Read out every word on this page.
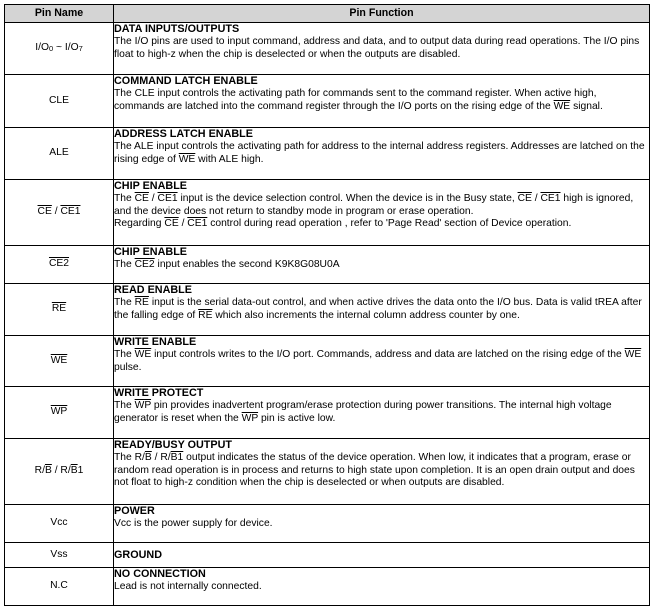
Pin Name	Pin Function
I/O0 ~ I/O7	DATA INPUTS/OUTPUTS
The I/O pins are used to input command, address and data, and to output data during read operations. The I/O pins float to high-z when the chip is deselected or when the outputs are disabled.

CLE	COMMAND LATCH ENABLE
The CLE input controls the activating path for commands sent to the command register. When active high, commands are latched into the command register through the I/O ports on the rising edge of the $\overline{WE}$ signal.

ALE	ADDRESS LATCH ENABLE
The ALE input controls the activating path for address to the internal address registers. Addresses are latched on the rising edge of $\overline{WE}$ with ALE high.

$\overline{CE} / CE1$	CHIP ENABLE
The $\overline{CE} / CE1$ input is the device selection control. When the device is in the Busy state, $\overline{CE} / CE1$ high is ignored, and the device does not return to standby mode in program or erase operation.
Regarding $\overline{CE} / CE1$ control during read operation , refer to 'Page Read' section of Device operation.

CE2	CHIP ENABLE
The CE2 input enables the second K9K8G08U0A

$\overline{RE}$	READ ENABLE
The $\overline{RE}$ input is the serial data-out control, and when active drives the data onto the I/O bus. Data is valid tREA after the falling edge of $\overline{RE}$ which also increments the internal column address counter by one.

$\overline{WE}$	WRITE ENABLE
The $\overline{WE}$ input controls writes to the I/O port. Commands, address and data are latched on the rising edge of the $\overline{WE}$ pulse.

$\overline{WP}$	WRITE PROTECT
The $\overline{WP}$ pin provides inadvertent program/erase protection during power transitions. The internal high voltage generator is reset when the $\overline{WP}$ pin is active low.

$R/\overline{B} / R/\overline{B}1$	READY/BUSY OUTPUT
The $R/\overline{B} / R/B1$ output indicates the status of the device operation. When low, it indicates that a program, erase or random read operation is in process and returns to high state upon completion. It is an open drain output and does not float to high-z condition when the chip is deselected or when outputs are disabled.

Vcc	POWER
Vcc is the power supply for device.

Vss	GROUND

N.C	NO CONNECTION
Lead is not internally connected.
